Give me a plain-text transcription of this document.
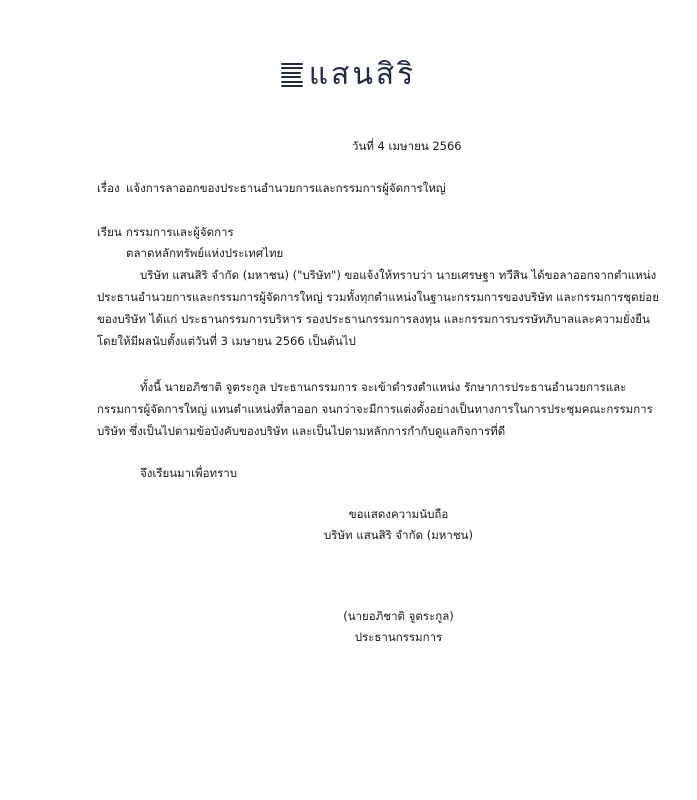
แสนสิริ
วันที่ 4 เมษายน 2566
เรื่อง แจ้งการลาออกของประธานอำนวยการและกรรมการผู้จัดการใหญ่
เรียน กรรมการและผู้จัดการ
ตลาดหลักทรัพย์แห่งประเทศไทย
บริษัท แสนสิริ จำกัด (มหาชน) ("บริษัท") ขอแจ้งให้ทราบว่า นายเศรษฐา ทวีสิน ได้ขอลาออกจากตำแหน่ง
ประธานอำนวยการและกรรมการผู้จัดการใหญ่ รวมทั้งทุกตำแหน่งในฐานะกรรมการของบริษัท และกรรมการชุดย่อย
ของบริษัท ได้แก่ ประธานกรรมการบริหาร รองประธานกรรมการลงทุน และกรรมการบรรษัทภิบาลและความยั่งยืน
โดยให้มีผลนับตั้งแต่วันที่ 3 เมษายน 2566 เป็นต้นไป
ทั้งนี้ นายอภิชาติ จูตระกูล ประธานกรรมการ จะเข้าดำรงตำแหน่ง รักษาการประธานอำนวยการและ
กรรมการผู้จัดการใหญ่ แทนตำแหน่งที่ลาออก จนกว่าจะมีการแต่งตั้งอย่างเป็นทางการในการประชุมคณะกรรมการ
บริษัท ซึ่งเป็นไปตามข้อบังคับของบริษัท และเป็นไปตามหลักการกำกับดูแลกิจการที่ดี
จึงเรียนมาเพื่อทราบ
ขอแสดงความนับถือ
บริษัท แสนสิริ จำกัด (มหาชน)
(นายอภิชาติ จูตระกูล)
ประธานกรรมการ
